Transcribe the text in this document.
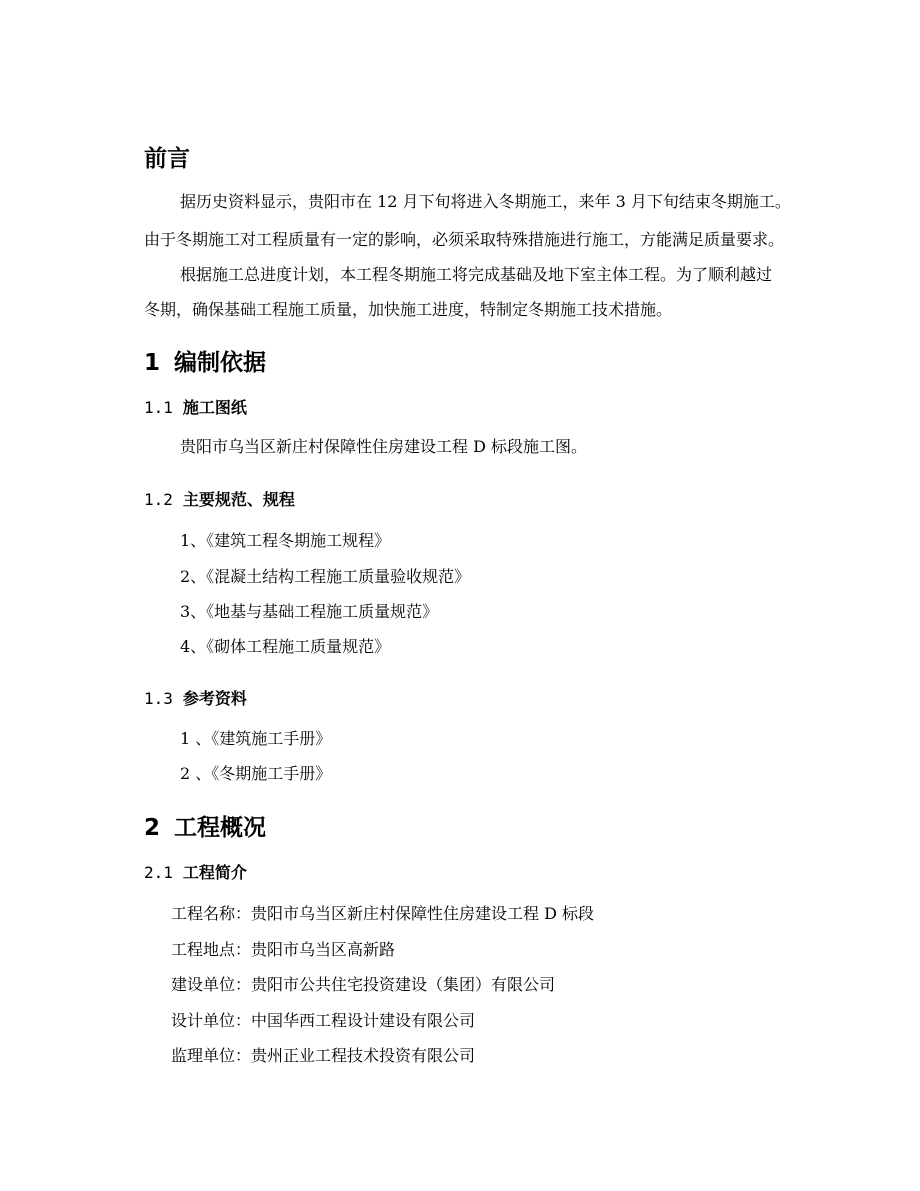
前言
据历史资料显示，贵阳市在 12 月下旬将进入冬期施工，来年 3 月下旬结束冬期施工。
由于冬期施工对工程质量有一定的影响，必须采取特殊措施进行施工，方能满足质量要求。
根据施工总进度计划，本工程冬期施工将完成基础及地下室主体工程。为了顺利越过
冬期，确保基础工程施工质量，加快施工进度，特制定冬期施工技术措施。
1 编制依据
1.1 施工图纸
贵阳市乌当区新庄村保障性住房建设工程 D 标段施工图。
1.2 主要规范、规程
1、《建筑工程冬期施工规程》
2、《混凝土结构工程施工质量验收规范》
3、《地基与基础工程施工质量规范》
4、《砌体工程施工质量规范》
1.3 参考资料
1 、《建筑施工手册》
2 、《冬期施工手册》
2 工程概况
2.1 工程简介
工程名称：贵阳市乌当区新庄村保障性住房建设工程 D 标段
工程地点：贵阳市乌当区高新路
建设单位：贵阳市公共住宅投资建设（集团）有限公司
设计单位：中国华西工程设计建设有限公司
监理单位：贵州正业工程技术投资有限公司
